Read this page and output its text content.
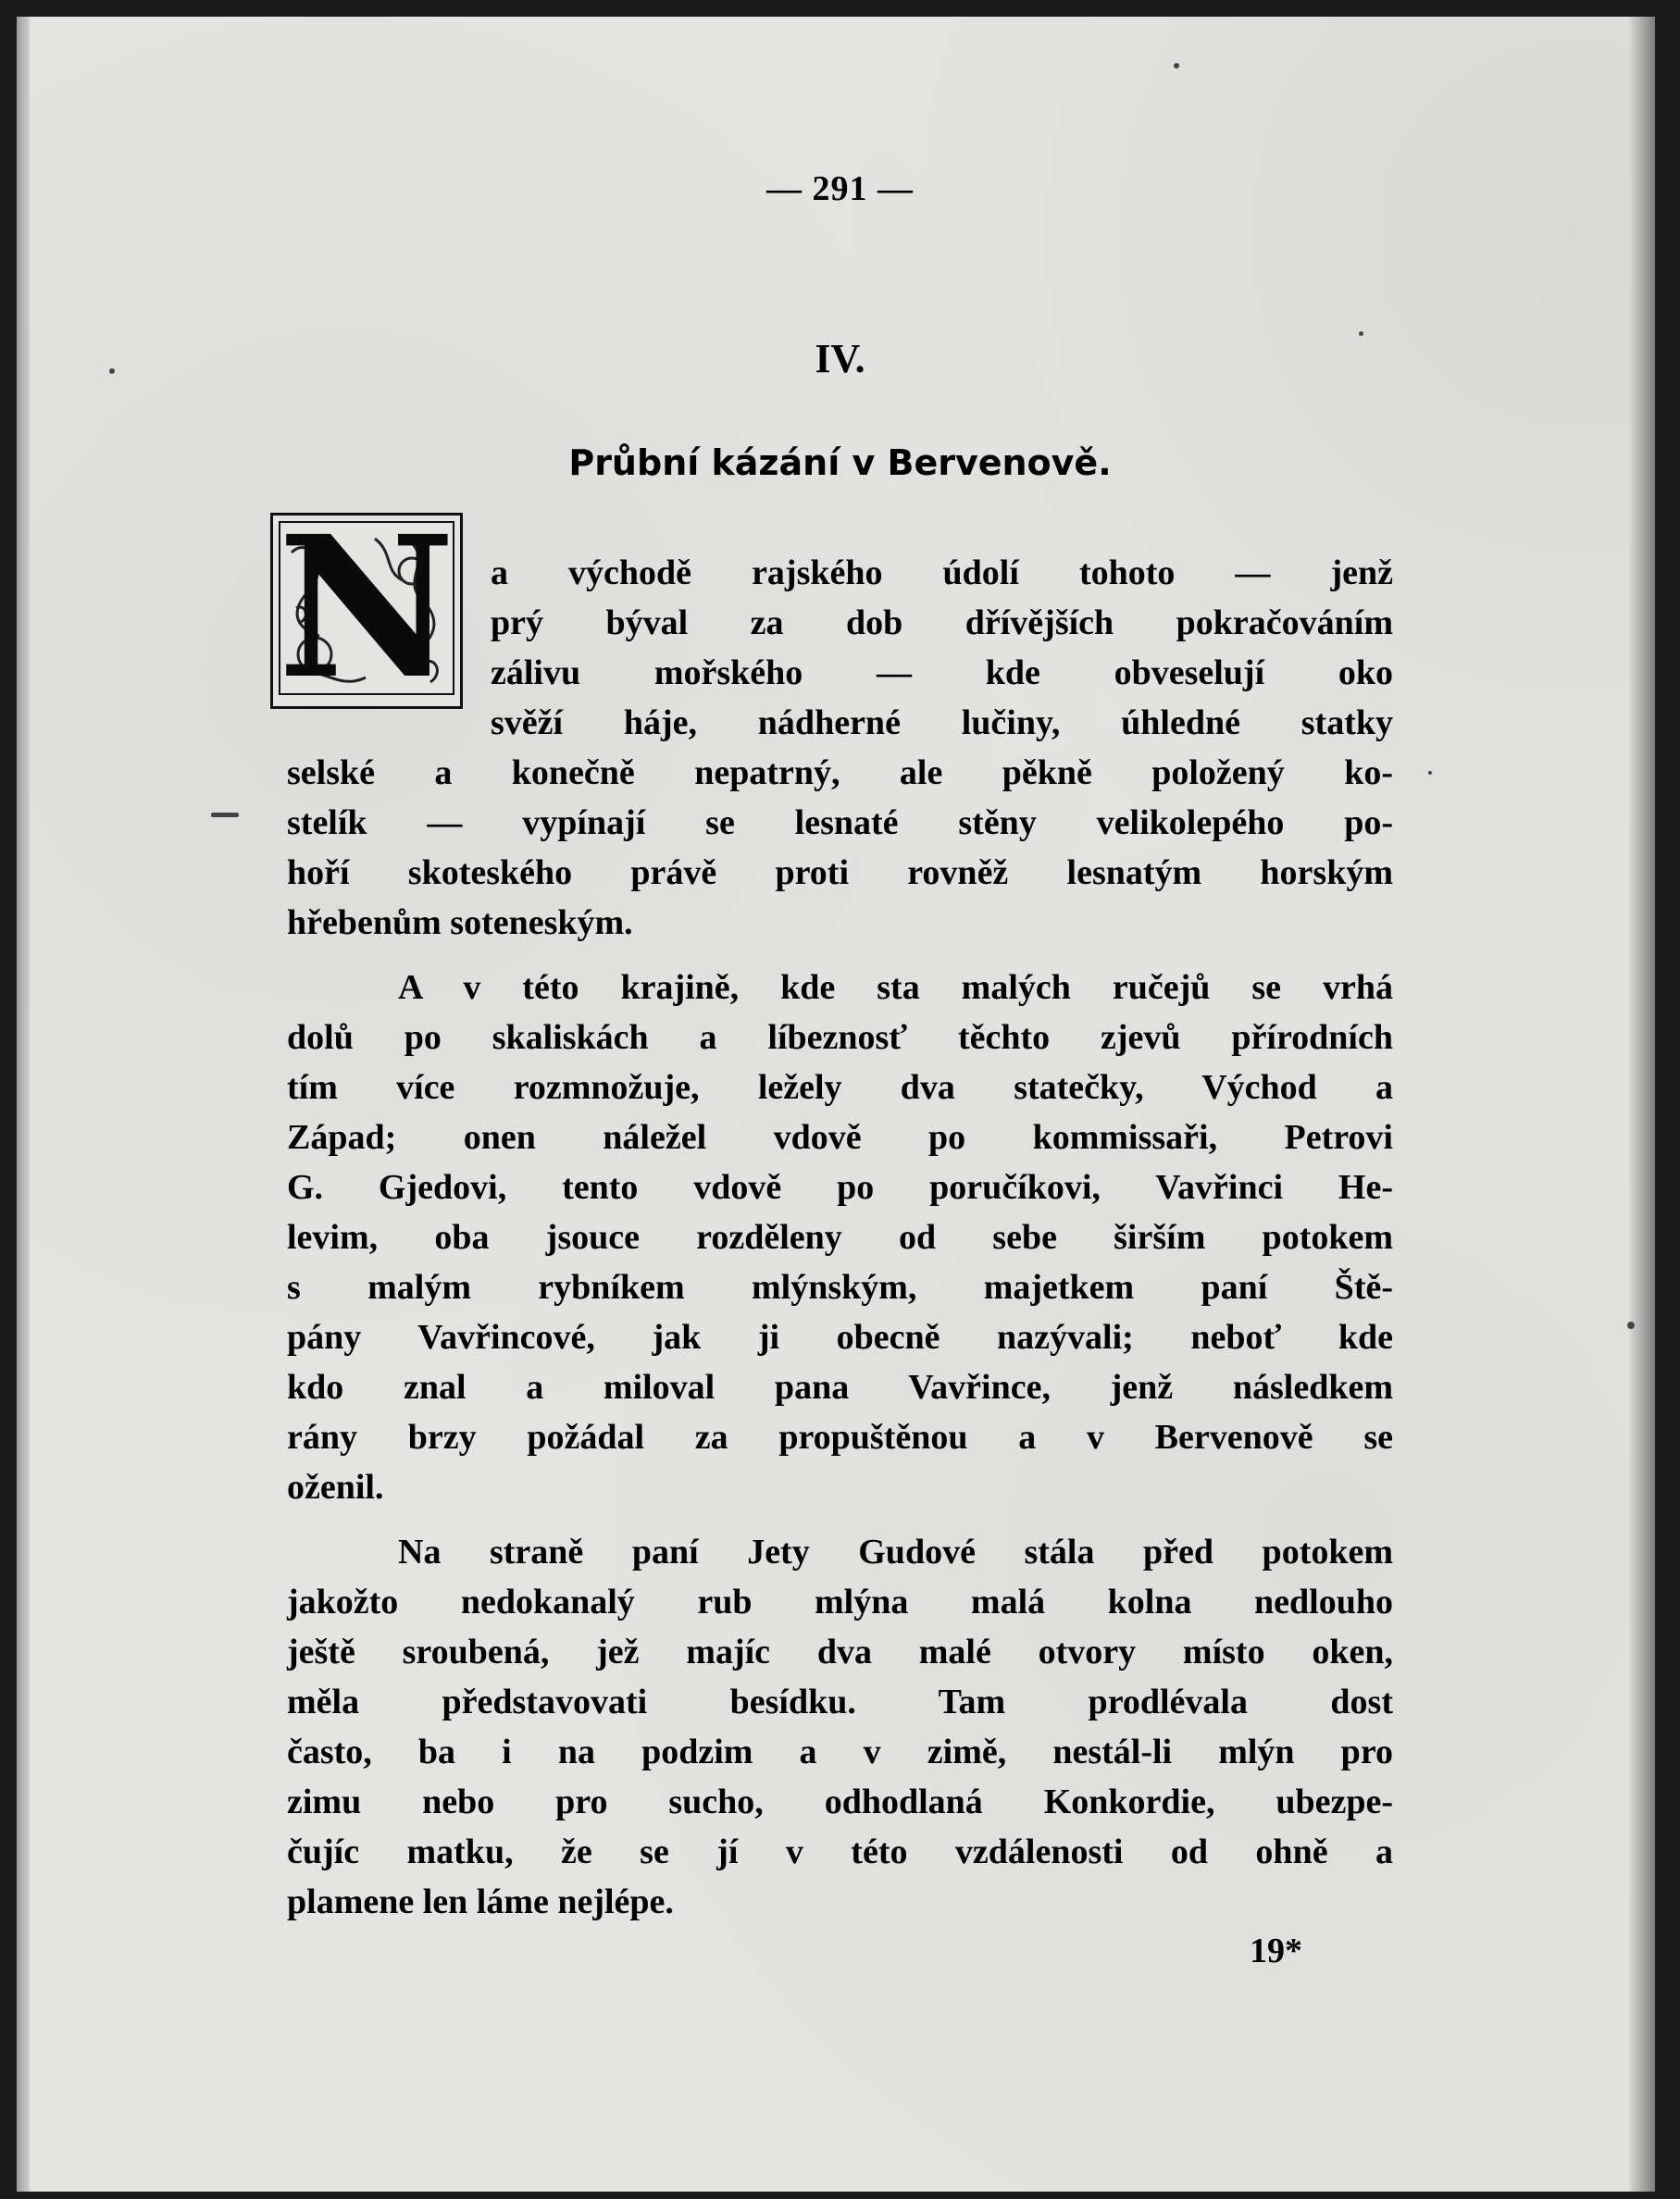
— 291 —
IV.
Průbní kázání v Bervenově.
N a východě rajského údolí tohoto — jenž
prý býval za dob dřívějších pokračováním
zálivu mořského — kde obveselují oko
svěží háje, nádherné lučiny, úhledné statky
selské a konečně nepatrný, ale pěkně položený ko-
stelík — vypínají se lesnaté stěny velikolepého po-
hoří skoteského právě proti rovněž lesnatým horským
hřebenům soteneským.
A v této krajině, kde sta malých ručejů se vrhá
dolů po skaliskách a líbeznosť těchto zjevů přírodních
tím více rozmnožuje, ležely dva statečky, Východ a
Západ; onen náležel vdově po kommissaři, Petrovi
G. Gjedovi, tento vdově po poručíkovi, Vavřinci He-
levim, oba jsouce rozděleny od sebe širším potokem
s malým rybníkem mlýnským, majetkem paní Ště-
pány Vavřincové, jak ji obecně nazývali; neboť kde
kdo znal a miloval pana Vavřince, jenž následkem
rány brzy požádal za propuštěnou a v Bervenově se
oženil.
Na straně paní Jety Gudové stála před potokem
jakožto nedokanalý rub mlýna malá kolna nedlouho
ještě sroubená, jež majíc dva malé otvory místo oken,
měla představovati besídku. Tam prodlévala dost
často, ba i na podzim a v zimě, nestál-li mlýn pro
zimu nebo pro sucho, odhodlaná Konkordie, ubezpe-
čujíc matku, že se jí v této vzdálenosti od ohně a
plamene len láme nejlépe.
19*
